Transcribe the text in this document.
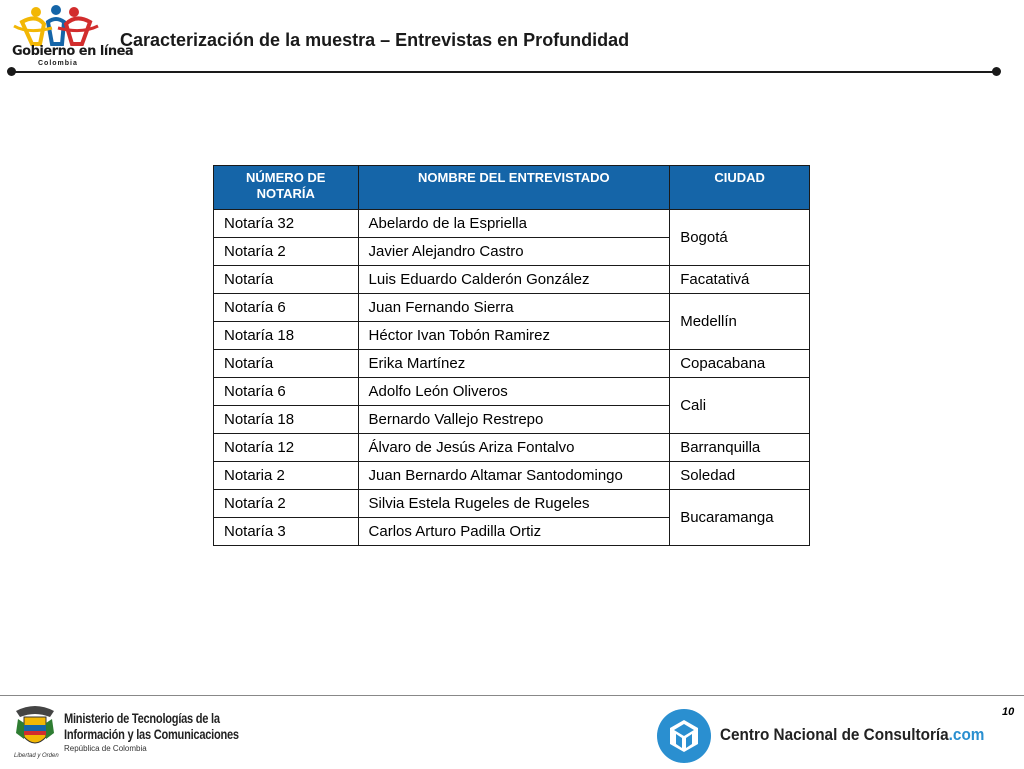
Gobierno en línea
Colombia
Caracterización de la muestra – Entrevistas en Profundidad
NÚMERO DE NOTARÍA	NOMBRE DEL ENTREVISTADO	CIUDAD
Notaría 32	Abelardo de la Espriella	Bogotá
Notaría 2	Javier Alejandro Castro	
Notaría	Luis Eduardo Calderón González	Facatativá
Notaría 6	Juan Fernando Sierra	Medellín
Notaría 18	Héctor Ivan Tobón Ramirez	
Notaría	Erika Martínez	Copacabana
Notaría 6	Adolfo León Oliveros	Cali
Notaría 18	Bernardo Vallejo Restrepo	
Notaría 12	Álvaro de Jesús Ariza Fontalvo	Barranquilla
Notaria 2	Juan Bernardo Altamar Santodomingo	Soledad
Notaría 2	Silvia Estela Rugeles de Rugeles	Bucaramanga
Notaría 3	Carlos Arturo Padilla Ortiz	
10
Ministerio de Tecnologías de la
Información y las Comunicaciones
República de Colombia
Libertad y Orden
Centro Nacional de Consultoría.com
